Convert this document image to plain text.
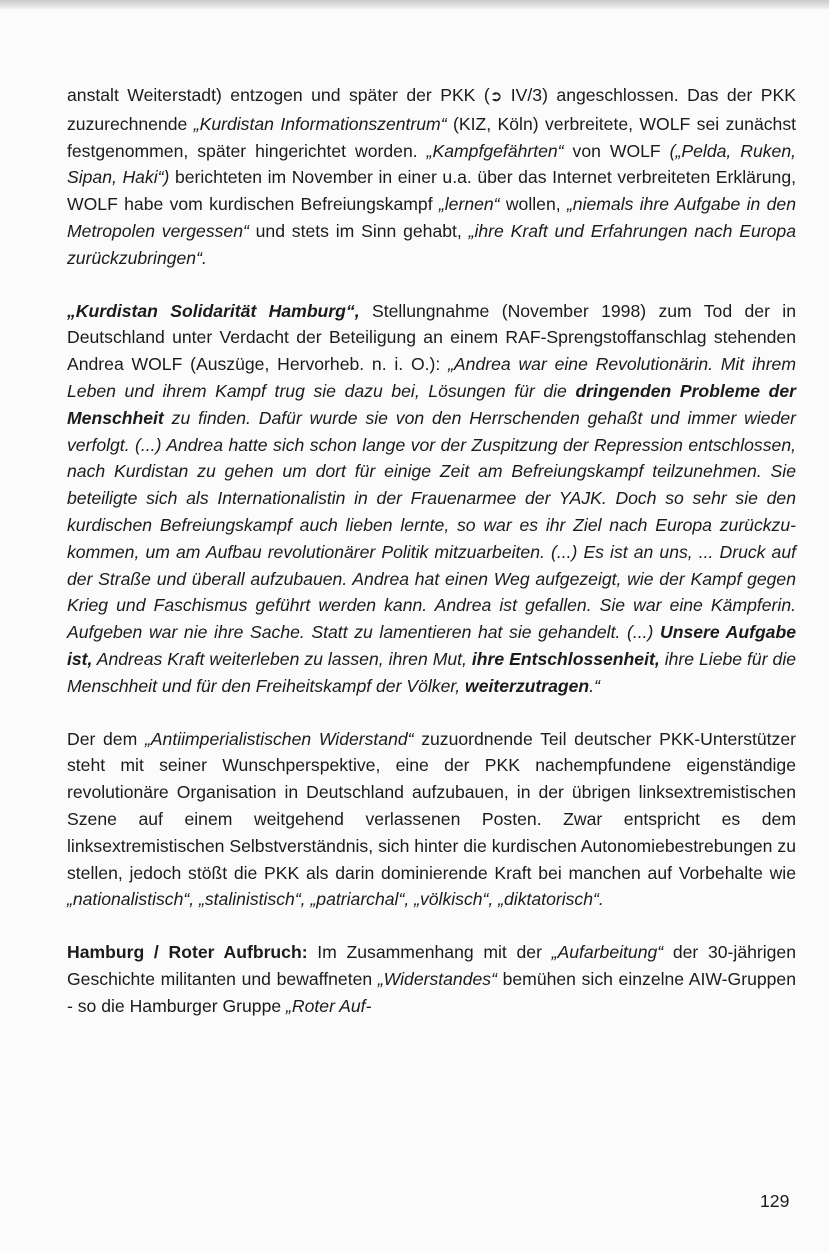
anstalt Weiterstadt) entzogen und später der PKK (➲ IV/3) angeschlossen. Das der PKK zuzurechnende „Kurdistan Informationszentrum“ (KIZ, Köln) verbreitete, WOLF sei zunächst festgenommen, später hingerichtet worden. „Kampfgefährten“ von WOLF („Pelda, Ruken, Sipan, Haki“) berichteten im November in einer u.a. über das Internet verbreiteten Erklärung, WOLF habe vom kurdischen Befreiungskampf „lernen“ wollen, „niemals ihre Aufgabe in den Metropolen vergessen“ und stets im Sinn gehabt, „ihre Kraft und Erfahrungen nach Europa zurückzubringen“.

„Kurdistan Solidarität Hamburg“, Stellungnahme (November 1998) zum Tod der in Deutschland unter Verdacht der Beteiligung an einem RAF-Sprengstoffanschlag stehenden Andrea WOLF (Auszüge, Hervorheb. n. i. O.): „Andrea war eine Revolutionärin. Mit ihrem Leben und ihrem Kampf trug sie dazu bei, Lösungen für die dringenden Probleme der Menschheit zu finden. Dafür wurde sie von den Herrschenden gehaßt und immer wieder verfolgt. (...) Andrea hatte sich schon lange vor der Zuspitzung der Repression entschlossen, nach Kurdistan zu gehen um dort für einige Zeit am Befreiungskampf teilzunehmen. Sie beteiligte sich als Internationalistin in der Frauenarmee der YAJK. Doch so sehr sie den kurdischen Befreiungskampf auch lieben lernte, so war es ihr Ziel nach Europa zurückzukommen, um am Aufbau revolutionärer Politik mitzuarbeiten. (...) Es ist an uns, ... Druck auf der Straße und überall aufzubauen. Andrea hat einen Weg aufgezeigt, wie der Kampf gegen Krieg und Faschismus geführt werden kann. Andrea ist gefallen. Sie war eine Kämpferin. Aufgeben war nie ihre Sache. Statt zu lamentieren hat sie gehandelt. (...) Unsere Aufgabe ist, Andreas Kraft weiterleben zu lassen, ihren Mut, ihre Entschlossenheit, ihre Liebe für die Menschheit und für den Freiheitskampf der Völker, weiterzutragen.“

Der dem „Antiimperialistischen Widerstand“ zuzuordnende Teil deutscher PKK-Unterstützer steht mit seiner Wunschperspektive, eine der PKK nachempfundene eigenständige revolutionäre Organisation in Deutschland aufzubauen, in der übrigen linksextremistischen Szene auf einem weitgehend verlassenen Posten. Zwar entspricht es dem linksextremistischen Selbstverständnis, sich hinter die kurdischen Autonomiebestrebungen zu stellen, jedoch stößt die PKK als darin dominierende Kraft bei manchen auf Vorbehalte wie „nationalistisch“, „stalinistisch“, „patriarchal“, „völkisch“, „diktatorisch“.

Hamburg / Roter Aufbruch: Im Zusammenhang mit der „Aufarbeitung“ der 30-jährigen Geschichte militanten und bewaffneten „Widerstandes“ bemühen sich einzelne AIW-Gruppen - so die Hamburger Gruppe „Roter Auf-

129
